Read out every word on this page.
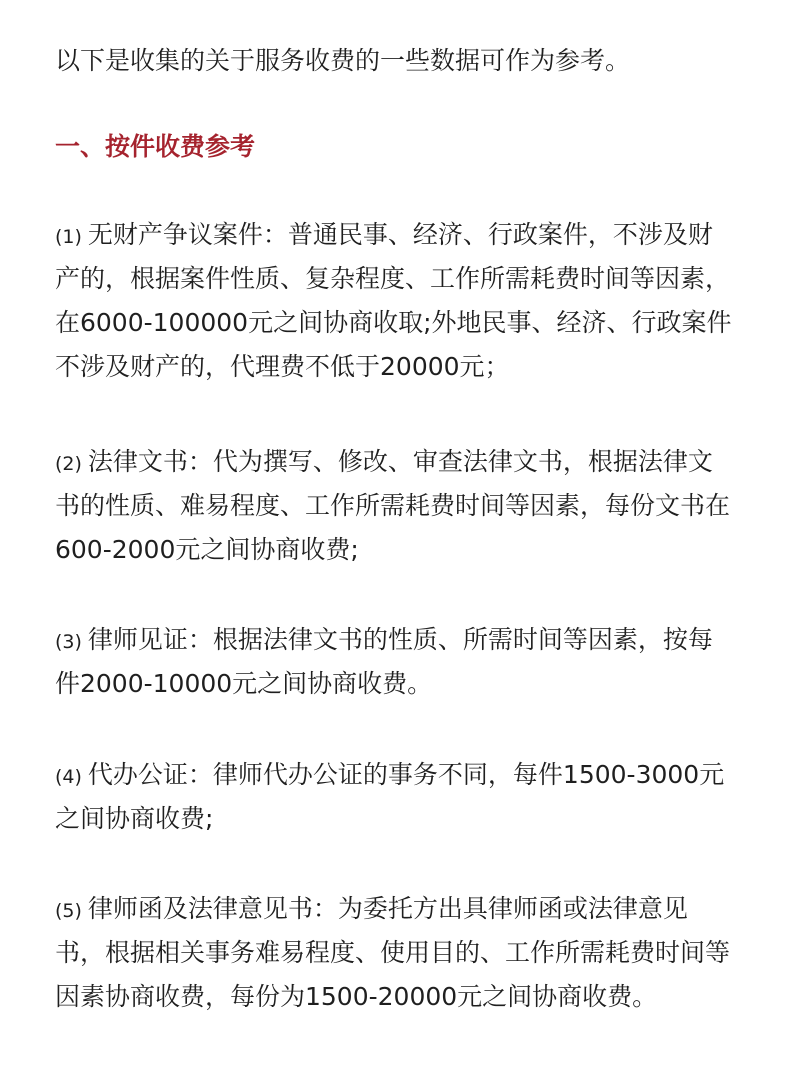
以下是收集的关于服务收费的一些数据可作为参考。
一、按件收费参考
(1) 无财产争议案件：普通民事、经济、行政案件，不涉及财
产的，根据案件性质、复杂程度、工作所需耗费时间等因素，
在6000-100000元之间协商收取;外地民事、经济、行政案件
不涉及财产的，代理费不低于20000元；
(2) 法律文书：代为撰写、修改、审查法律文书，根据法律文
书的性质、难易程度、工作所需耗费时间等因素，每份文书在
600-2000元之间协商收费;
(3) 律师见证：根据法律文书的性质、所需时间等因素，按每
件2000-10000元之间协商收费。
(4) 代办公证：律师代办公证的事务不同，每件1500-3000元
之间协商收费;
(5) 律师函及法律意见书：为委托方出具律师函或法律意见
书，根据相关事务难易程度、使用目的、工作所需耗费时间等
因素协商收费，每份为1500-20000元之间协商收费。
